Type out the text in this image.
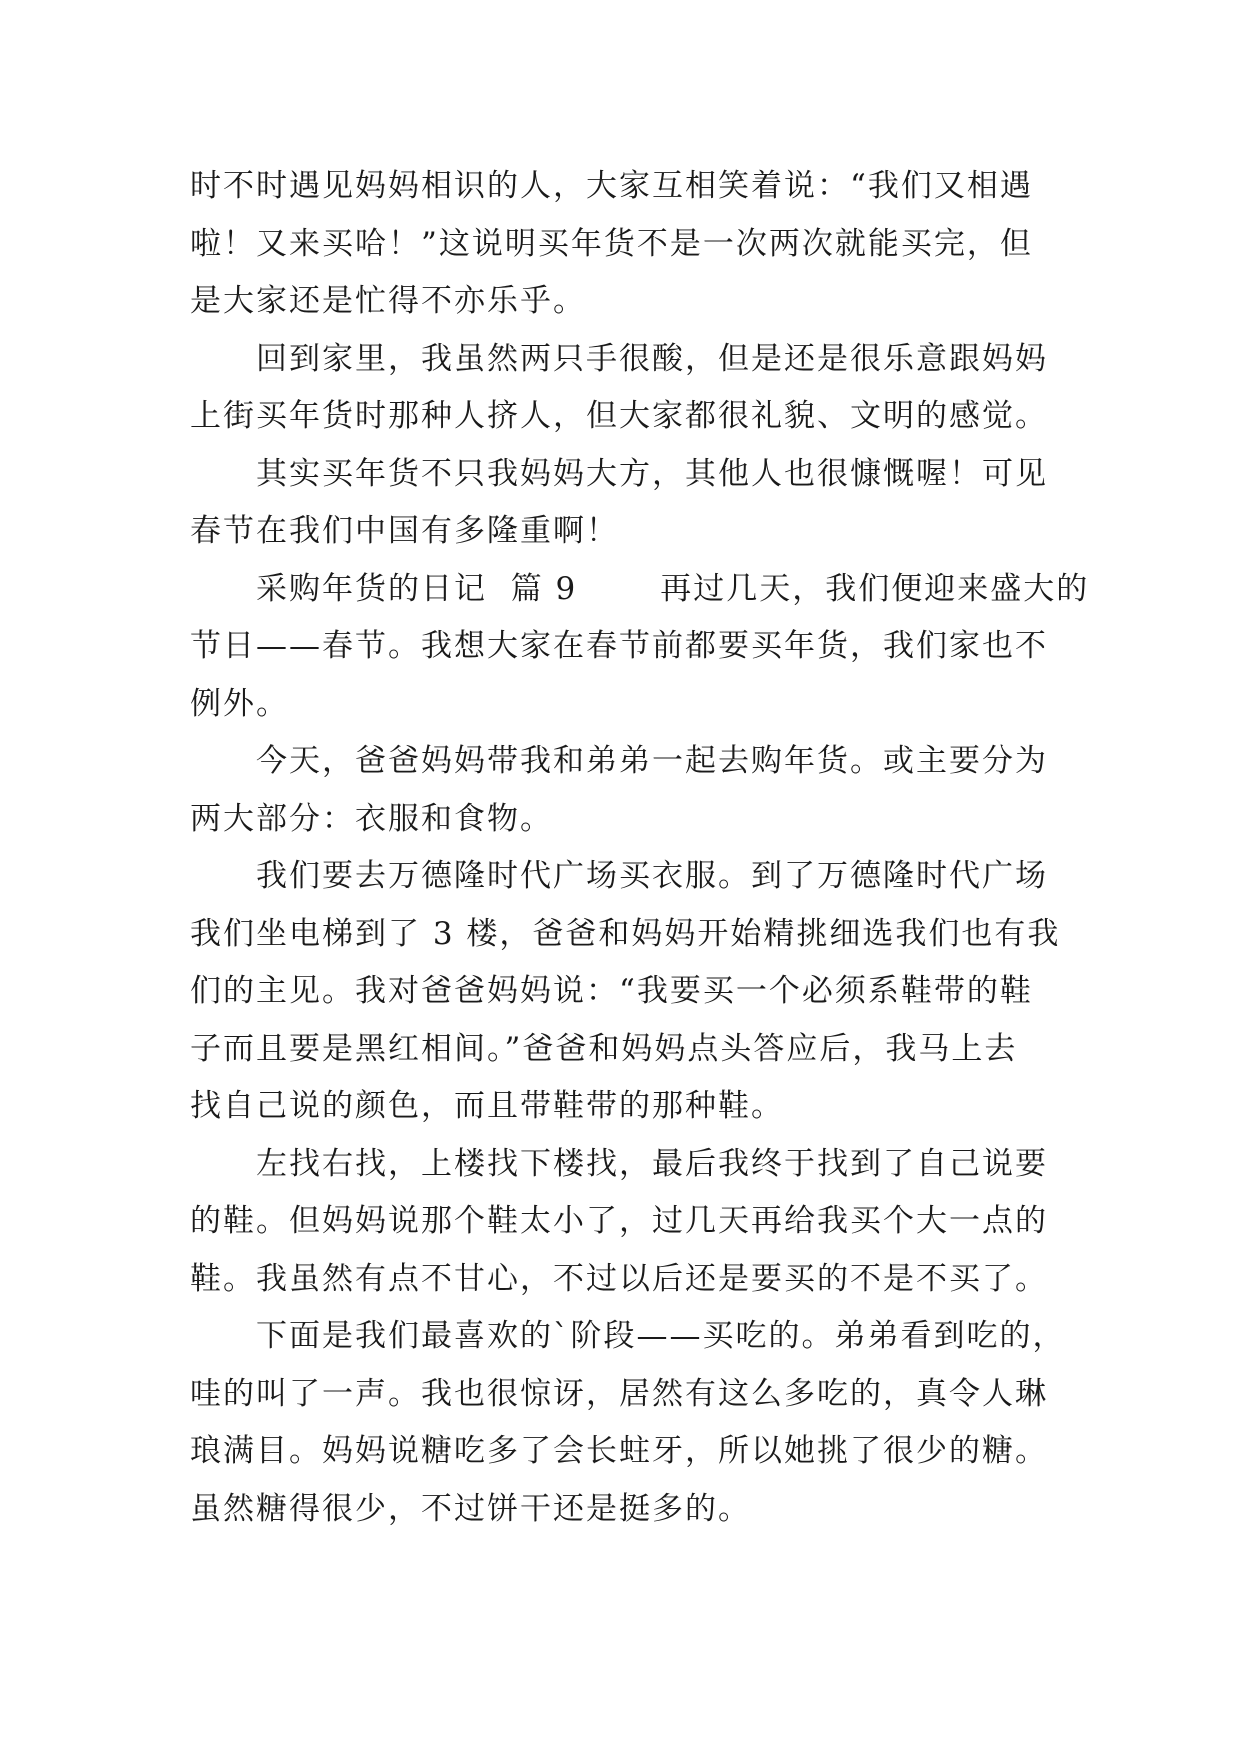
时不时遇见妈妈相识的人，大家互相笑着说：“我们又相遇
啦！又来买哈！”这说明买年货不是一次两次就能买完，但
是大家还是忙得不亦乐乎。
回到家里，我虽然两只手很酸，但是还是很乐意跟妈妈
上街买年货时那种人挤人，但大家都很礼貌、文明的感觉。
其实买年货不只我妈妈大方，其他人也很慷慨喔！可见
春节在我们中国有多隆重啊！
采购年货的日记  篇 9       再过几天，我们便迎来盛大的
节日——春节。我想大家在春节前都要买年货，我们家也不
例外。
今天，爸爸妈妈带我和弟弟一起去购年货。或主要分为
两大部分：衣服和食物。
我们要去万德隆时代广场买衣服。到了万德隆时代广场
我们坐电梯到了 3 楼，爸爸和妈妈开始精挑细选我们也有我
们的主见。我对爸爸妈妈说：“我要买一个必须系鞋带的鞋
子而且要是黑红相间。”爸爸和妈妈点头答应后，我马上去
找自己说的颜色，而且带鞋带的那种鞋。
左找右找，上楼找下楼找，最后我终于找到了自己说要
的鞋。但妈妈说那个鞋太小了，过几天再给我买个大一点的
鞋。我虽然有点不甘心，不过以后还是要买的不是不买了。
下面是我们最喜欢的`阶段——买吃的。弟弟看到吃的，
哇的叫了一声。我也很惊讶，居然有这么多吃的，真令人琳
琅满目。妈妈说糖吃多了会长蛀牙，所以她挑了很少的糖。
虽然糖得很少，不过饼干还是挺多的。
